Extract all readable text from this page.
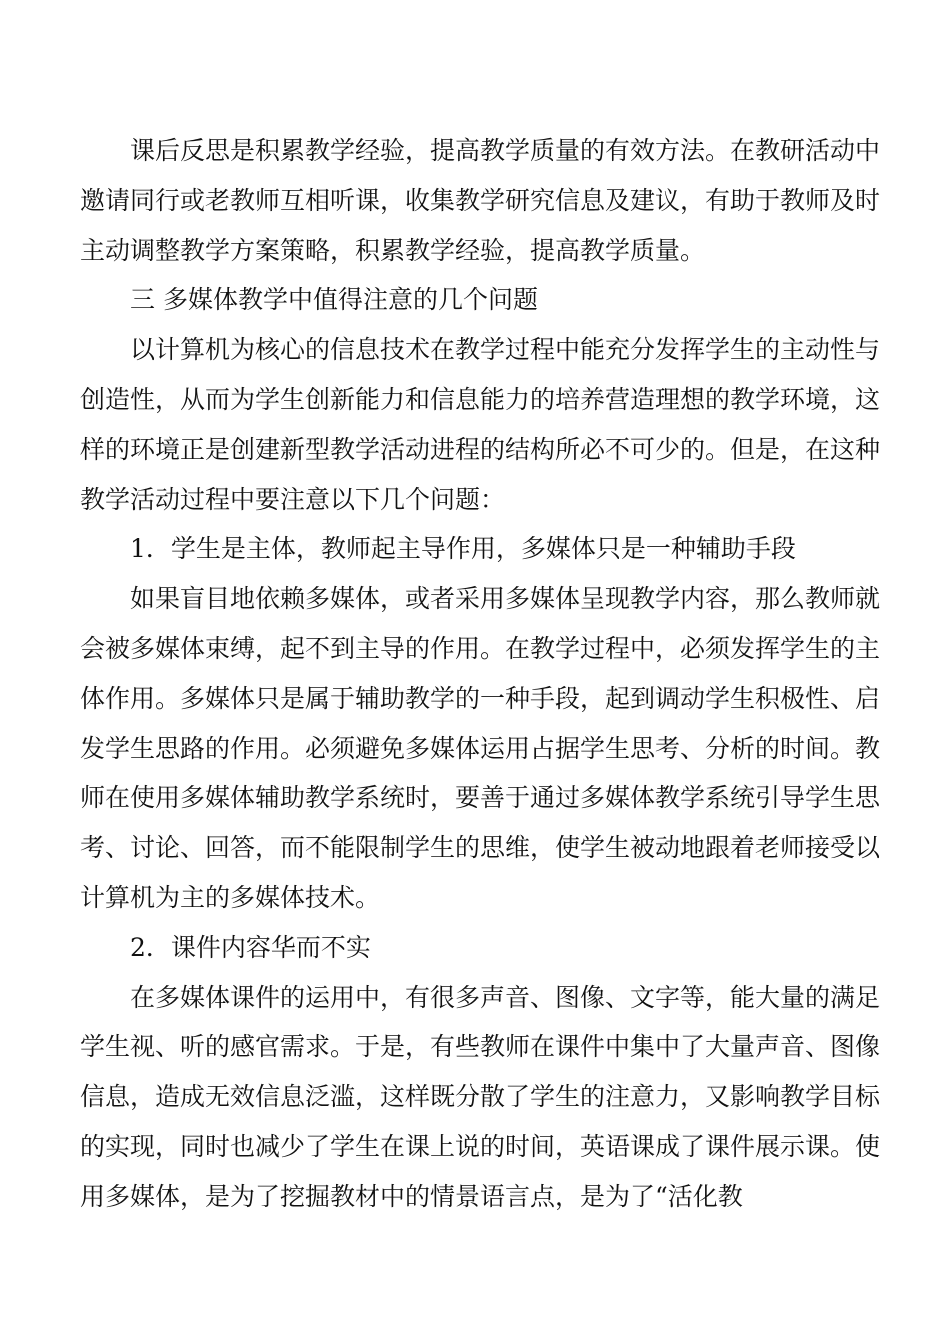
课后反思是积累教学经验，提高教学质量的有效方法。在教研活动中邀请同行或老教师互相听课，收集教学研究信息及建议，有助于教师及时主动调整教学方案策略，积累教学经验，提高教学质量。

三 多媒体教学中值得注意的几个问题

以计算机为核心的信息技术在教学过程中能充分发挥学生的主动性与创造性，从而为学生创新能力和信息能力的培养营造理想的教学环境，这样的环境正是创建新型教学活动进程的结构所必不可少的。但是，在这种教学活动过程中要注意以下几个问题：

1．学生是主体，教师起主导作用，多媒体只是一种辅助手段

如果盲目地依赖多媒体，或者采用多媒体呈现教学内容，那么教师就会被多媒体束缚，起不到主导的作用。在教学过程中，必须发挥学生的主体作用。多媒体只是属于辅助教学的一种手段，起到调动学生积极性、启发学生思路的作用。必须避免多媒体运用占据学生思考、分析的时间。教师在使用多媒体辅助教学系统时，要善于通过多媒体教学系统引导学生思考、讨论、回答，而不能限制学生的思维，使学生被动地跟着老师接受以计算机为主的多媒体技术。

2．课件内容华而不实

在多媒体课件的运用中，有很多声音、图像、文字等，能大量的满足学生视、听的感官需求。于是，有些教师在课件中集中了大量声音、图像信息，造成无效信息泛滥，这样既分散了学生的注意力，又影响教学目标的实现，同时也减少了学生在课上说的时间，英语课成了课件展示课。使用多媒体，是为了挖掘教材中的情景语言点，是为了“活化教
